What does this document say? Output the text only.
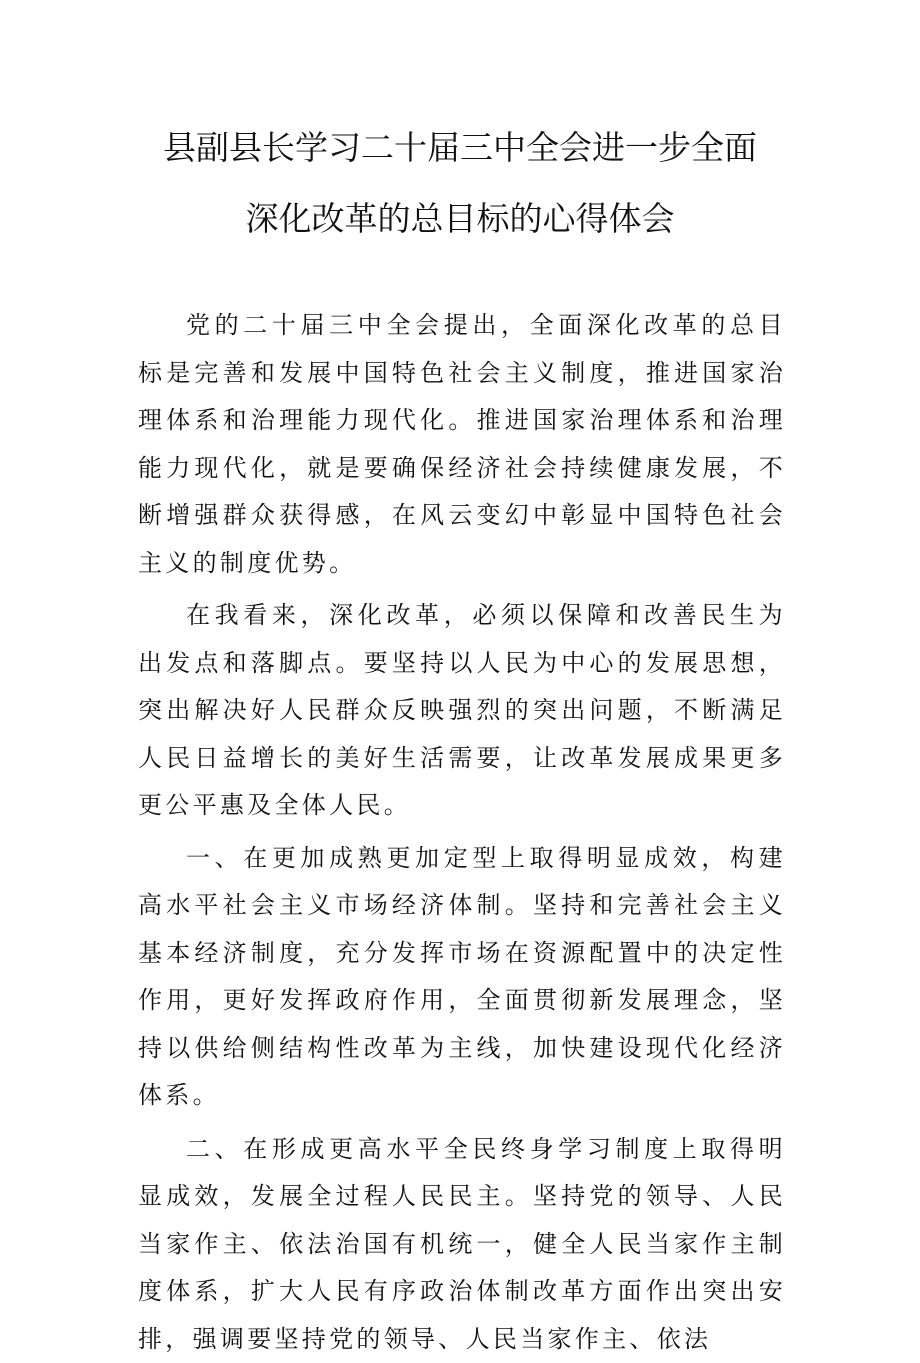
县副县长学习二十届三中全会进一步全面
深化改革的总目标的心得体会

党的二十届三中全会提出，全面深化改革的总目标是完善和发展中国特色社会主义制度，推进国家治理体系和治理能力现代化。推进国家治理体系和治理能力现代化，就是要确保经济社会持续健康发展，不断增强群众获得感，在风云变幻中彰显中国特色社会主义的制度优势。

在我看来，深化改革，必须以保障和改善民生为出发点和落脚点。要坚持以人民为中心的发展思想，突出解决好人民群众反映强烈的突出问题，不断满足人民日益增长的美好生活需要，让改革发展成果更多更公平惠及全体人民。

一、在更加成熟更加定型上取得明显成效，构建高水平社会主义市场经济体制。坚持和完善社会主义基本经济制度，充分发挥市场在资源配置中的决定性作用，更好发挥政府作用，全面贯彻新发展理念，坚持以供给侧结构性改革为主线，加快建设现代化经济体系。

二、在形成更高水平全民终身学习制度上取得明显成效，发展全过程人民民主。坚持党的领导、人民当家作主、依法治国有机统一，健全人民当家作主制度体系，扩大人民有序政治体制改革方面作出突出安排，强调要坚持党的领导、人民当家作主、依法
